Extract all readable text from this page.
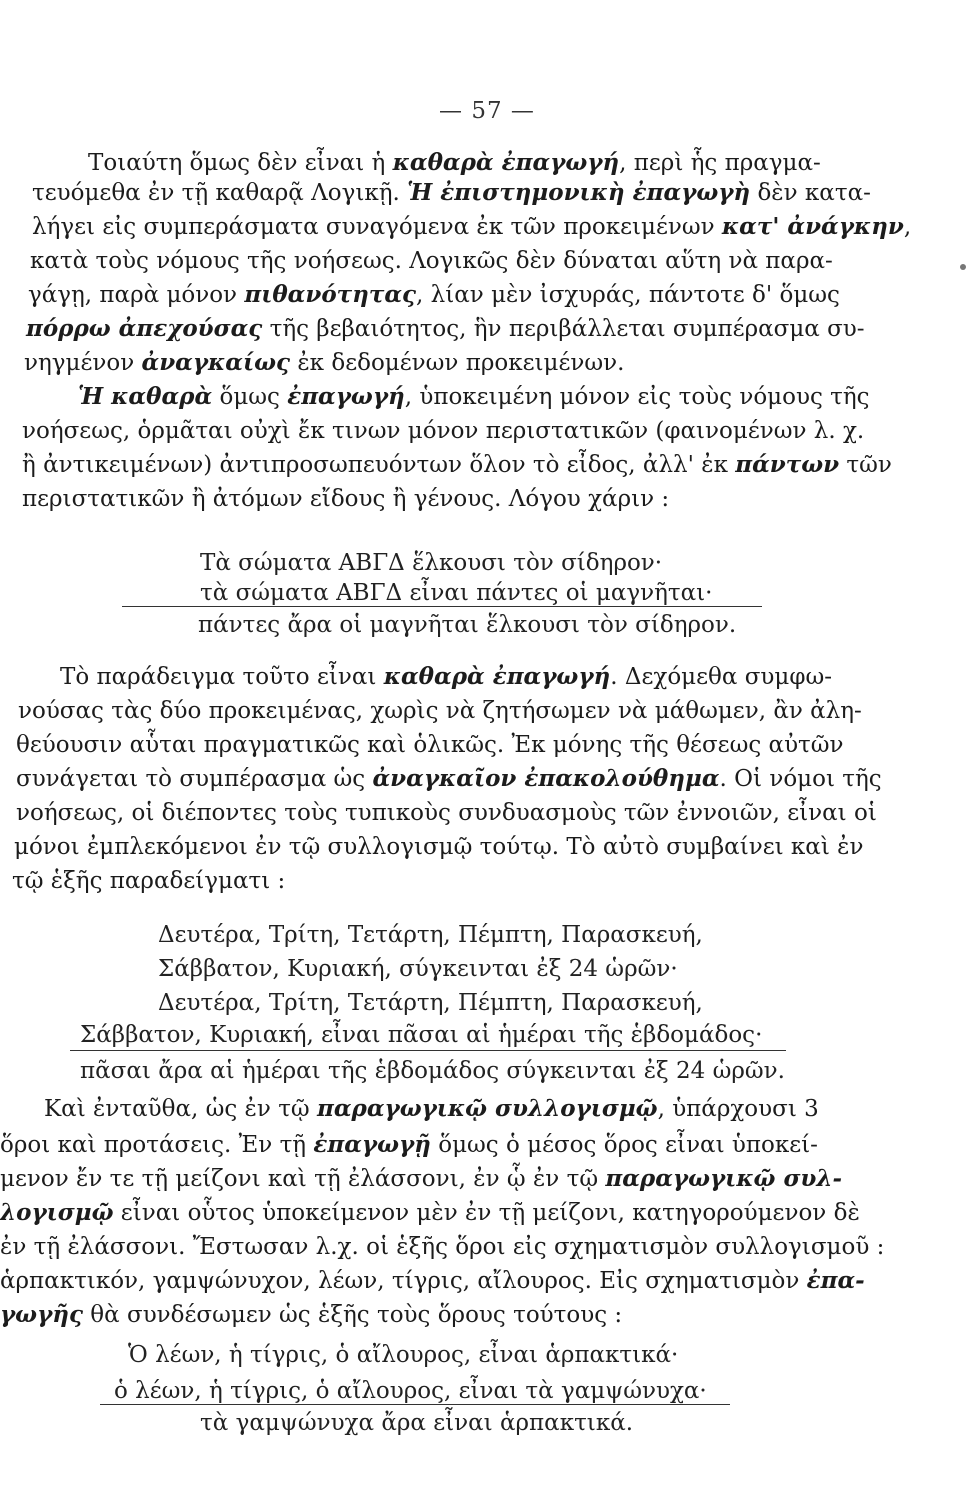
— 57 —
Τοιαύτη ὅμως δὲν εἶναι ἡ καθαρὰ ἐπαγωγή, περὶ ἧς πραγμα-
τευόμεθα ἐν τῇ καθαρᾷ Λογικῇ. Ἡ ἐπιστημονικὴ ἐπαγωγὴ δὲν κατα-
λήγει εἰς συμπεράσματα συναγόμενα ἐκ τῶν προκειμένων κατ' ἀνάγκην,
κατὰ τοὺς νόμους τῆς νοήσεως. Λογικῶς δὲν δύναται αὕτη νὰ παρα-
γάγῃ, παρὰ μόνον πιθανότητας, λίαν μὲν ἰσχυράς, πάντοτε δ' ὅμως
πόρρω ἀπεχούσας τῆς βεβαιότητος, ἣν περιβάλλεται συμπέρασμα συ-
νηγμένον ἀναγκαίως ἐκ δεδομένων προκειμένων.
Ἡ καθαρὰ ὅμως ἐπαγωγή, ὑποκειμένη μόνον εἰς τοὺς νόμους τῆς
νοήσεως, ὁρμᾶται οὐχὶ ἔκ τινων μόνον περιστατικῶν (φαινομένων λ. χ.
ἢ ἀντικειμένων) ἀντιπροσωπευόντων ὅλον τὸ εἶδος, ἀλλ' ἐκ πάντων τῶν
περιστατικῶν ἢ ἀτόμων εἴδους ἢ γένους. Λόγου χάριν :
Τὰ σώματα ΑΒΓΔ ἕλκουσι τὸν σίδηρον·
τὰ σώματα ΑΒΓΔ εἶναι πάντες οἱ μαγνῆται·
πάντες ἄρα οἱ μαγνῆται ἕλκουσι τὸν σίδηρον.
Τὸ παράδειγμα τοῦτο εἶναι καθαρὰ ἐπαγωγή. Δεχόμεθα συμφω-
νούσας τὰς δύο προκειμένας, χωρὶς νὰ ζητήσωμεν νὰ μάθωμεν, ἂν ἀλη-
θεύουσιν αὗται πραγματικῶς καὶ ὁλικῶς. Ἐκ μόνης τῆς θέσεως αὐτῶν
συνάγεται τὸ συμπέρασμα ὡς ἀναγκαῖον ἐπακολούθημα. Οἱ νόμοι τῆς
νοήσεως, οἱ διέποντες τοὺς τυπικοὺς συνδυασμοὺς τῶν ἐννοιῶν, εἶναι οἱ
μόνοι ἐμπλεκόμενοι ἐν τῷ συλλογισμῷ τούτῳ. Τὸ αὐτὸ συμβαίνει καὶ ἐν
τῷ ἑξῆς παραδείγματι :
Δευτέρα, Τρίτη, Τετάρτη, Πέμπτη, Παρασκευή,
Σάββατον, Κυριακή, σύγκεινται ἐξ 24 ὡρῶν·
Δευτέρα, Τρίτη, Τετάρτη, Πέμπτη, Παρασκευή,
Σάββατον, Κυριακή, εἶναι πᾶσαι αἱ ἡμέραι τῆς ἑβδομάδος·
πᾶσαι ἄρα αἱ ἡμέραι τῆς ἑβδομάδος σύγκεινται ἐξ 24 ὡρῶν.
Καὶ ἐνταῦθα, ὡς ἐν τῷ παραγωγικῷ συλλογισμῷ, ὑπάρχουσι 3
ὅροι καὶ προτάσεις. Ἐν τῇ ἐπαγωγῇ ὅμως ὁ μέσος ὅρος εἶναι ὑποκεί-
μενον ἔν τε τῇ μείζονι καὶ τῇ ἐλάσσονι, ἐν ᾧ ἐν τῷ παραγωγικῷ συλ-
λογισμῷ εἶναι οὗτος ὑποκείμενον μὲν ἐν τῇ μείζονι, κατηγορούμενον δὲ
ἐν τῇ ἐλάσσονι. Ἔστωσαν λ.χ. οἱ ἑξῆς ὅροι εἰς σχηματισμὸν συλλογισμοῦ :
ἁρπακτικόν, γαμψώνυχον, λέων, τίγρις, αἴλουρος. Εἰς σχηματισμὸν ἐπα-
γωγῆς θὰ συνδέσωμεν ὡς ἑξῆς τοὺς ὅρους τούτους :
Ὁ λέων, ἡ τίγρις, ὁ αἴλουρος, εἶναι ἁρπακτικά·
ὁ λέων, ἡ τίγρις, ὁ αἴλουρος, εἶναι τὰ γαμψώνυχα·
τὰ γαμψώνυχα ἄρα εἶναι ἁρπακτικά.
